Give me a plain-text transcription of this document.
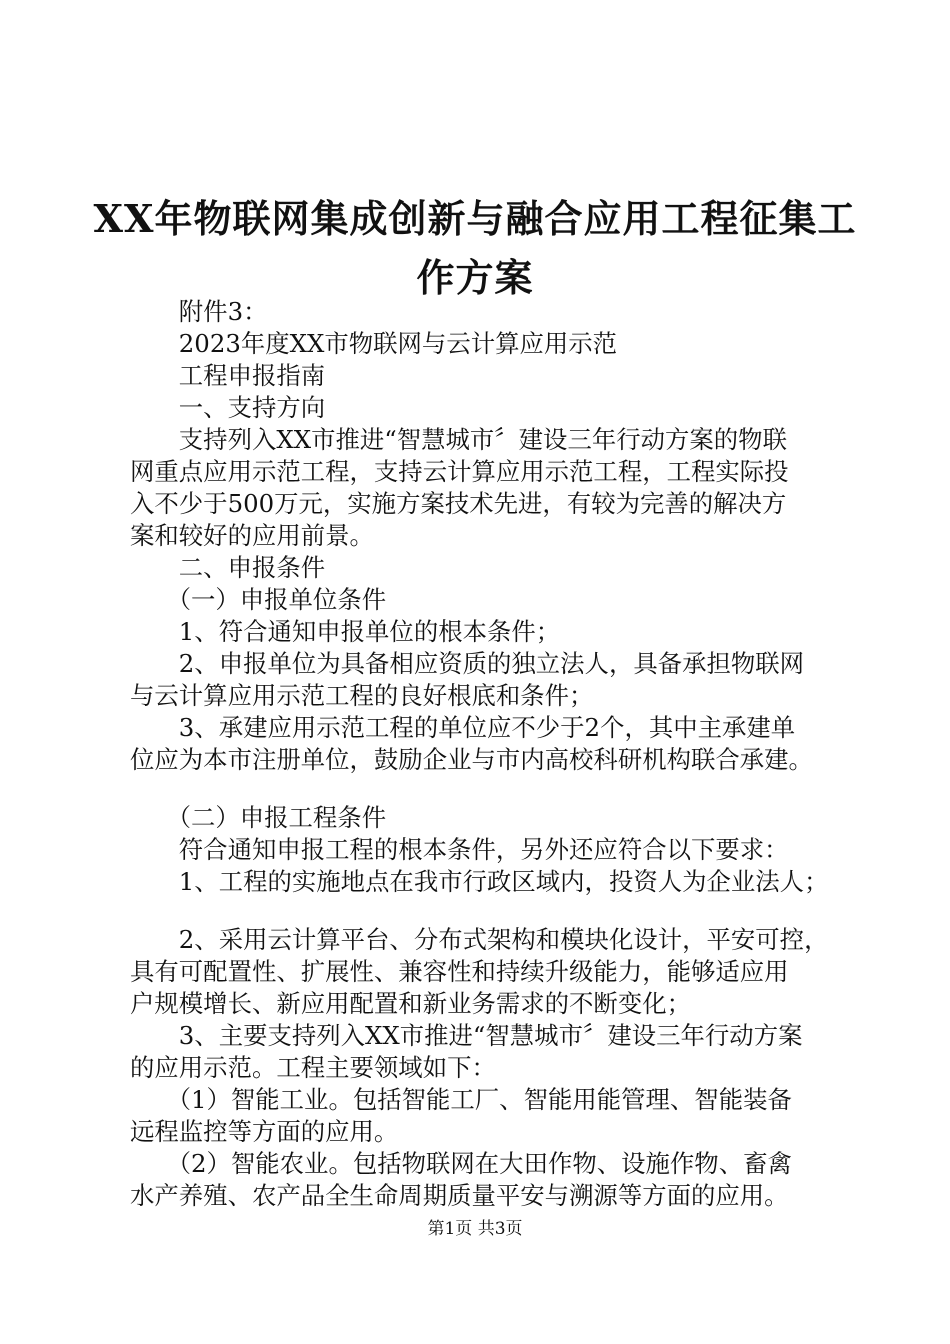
XX年物联网集成创新与融合应用工程征集工
作方案
　　附件3：
　　2023年度XX市物联网与云计算应用示范
　　工程申报指南
　　一、支持方向
　　支持列入XX市推进“智慧城市〞建设三年行动方案的物联
网重点应用示范工程，支持云计算应用示范工程，工程实际投
入不少于500万元，实施方案技术先进，有较为完善的解决方
案和较好的应用前景。
　　二、申报条件
　　（一）申报单位条件
　　1、符合通知申报单位的根本条件；
　　2、申报单位为具备相应资质的独立法人，具备承担物联网
与云计算应用示范工程的良好根底和条件；
　　3、承建应用示范工程的单位应不少于2个，其中主承建单
位应为本市注册单位，鼓励企业与市内高校科研机构联合承建。
　　（二）申报工程条件
　　符合通知申报工程的根本条件，另外还应符合以下要求：
　　1、工程的实施地点在我市行政区域内，投资人为企业法人；
　　2、采用云计算平台、分布式架构和模块化设计，平安可控，
具有可配置性、扩展性、兼容性和持续升级能力，能够适应用
户规模增长、新应用配置和新业务需求的不断变化；
　　3、主要支持列入XX市推进“智慧城市〞建设三年行动方案
的应用示范。工程主要领域如下：
　　（1）智能工业。包括智能工厂、智能用能管理、智能装备
远程监控等方面的应用。
　　（2）智能农业。包括物联网在大田作物、设施作物、畜禽
水产养殖、农产品全生命周期质量平安与溯源等方面的应用。
第1页 共3页
